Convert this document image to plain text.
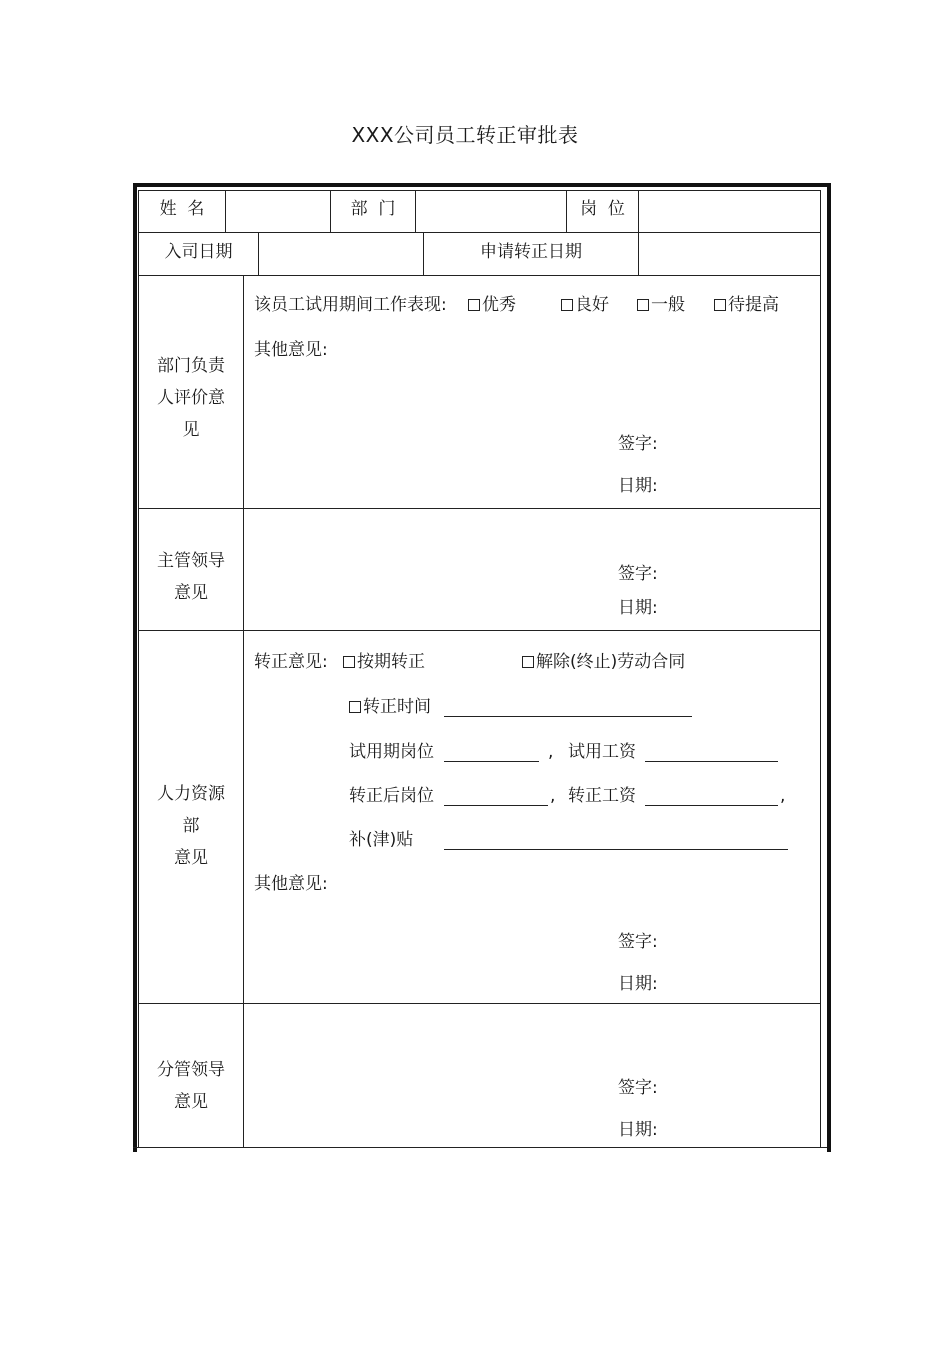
XXX公司员工转正审批表
姓  名	部  门	岗  位
入司日期	申请转正日期
部门负责
人评价意
见
该员工试用期间工作表现:	优秀	良好	一般	待提高
其他意见:
签字:
日期:
主管领导
意见
签字:
日期:
人力资源
部
意见
转正意见:	按期转正	解除(终止)劳动合同
转正时间
试用期岗位	, 试用工资
转正后岗位	, 转正工资	,
补(津)贴
其他意见:
签字:
日期:
分管领导
意见
签字:
日期:
